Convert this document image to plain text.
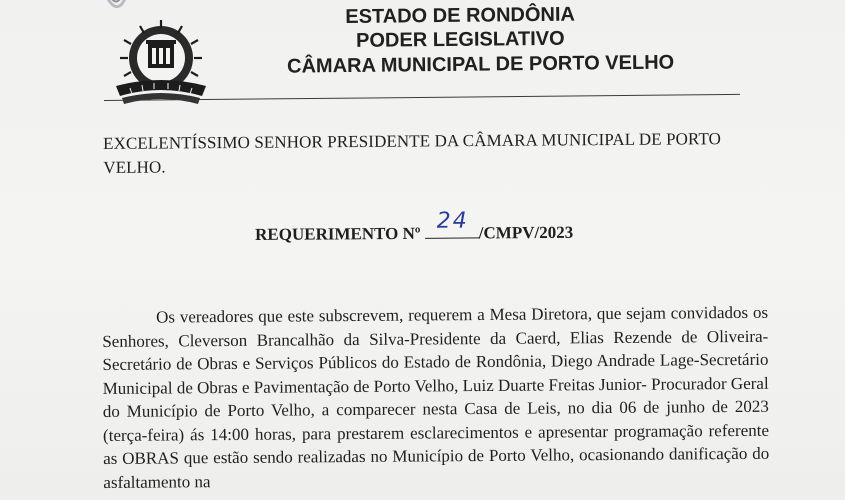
ESTADO DE RONDÔNIA
PODER LEGISLATIVO
CÂMARA MUNICIPAL DE PORTO VELHO
EXCELENTÍSSIMO SENHOR PRESIDENTE DA CÂMARA MUNICIPAL DE PORTO VELHO.
REQUERIMENTO Nº
24 /CMPV/2023

Os vereadores que este subscrevem, requerem a Mesa Diretora, que sejam convidados os Senhores, Cleverson Brancalhão da Silva-Presidente da Caerd, Elias Rezende de Oliveira- Secretário de Obras e Serviços Públicos do Estado de Rondônia, Diego Andrade Lage-Secretário Municipal de Obras e Pavimentação de Porto Velho, Luiz Duarte Freitas Junior- Procurador Geral do Município de Porto Velho, a comparecer nesta Casa de Leis, no dia 06 de junho de 2023 (terça-feira) ás 14:00 horas, para prestarem esclarecimentos e apresentar programação referente as OBRAS que estão sendo realizadas no Município de Porto Velho, ocasionando danificação do asfaltamento na
